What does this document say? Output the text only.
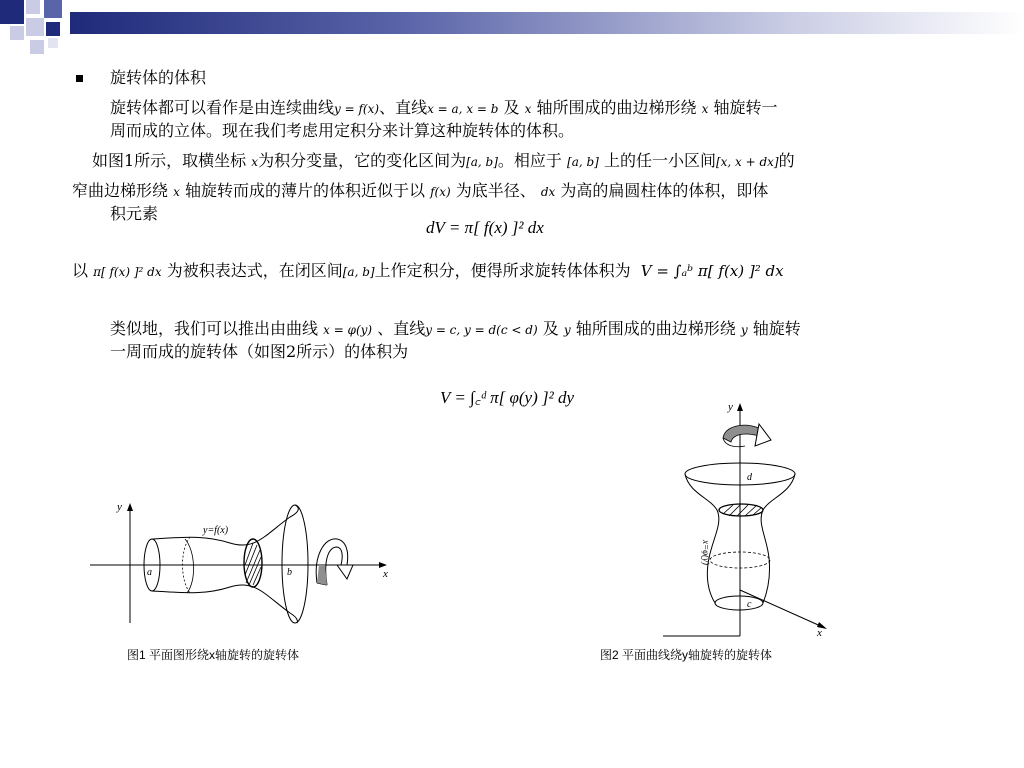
旋转体的体积
旋转体都可以看作是由连续曲线y = f(x)、直线x = a, x = b 及 x 轴所围成的曲边梯形绕 x 轴旋转一
周而成的立体。现在我们考虑用定积分来计算这种旋转体的体积。
如图1所示，取横坐标 x为积分变量，它的变化区间为[a, b]。相应于 [a, b] 上的任一小区间[x, x + dx]的
窄曲边梯形绕 x 轴旋转而成的薄片的体积近似于以 f(x) 为底半径、 dx 为高的扁圆柱体的体积，即体
积元素
dV = π[ f(x) ]² dx
以 π[ f(x) ]² dx 为被积表达式，在闭区间[a, b]上作定积分，便得所求旋转体体积为 V = ∫ₐᵇ π[ f(x) ]² dx
类似地，我们可以推出由曲线 x = φ(y) 、直线y = c, y = d(c < d) 及 y 轴所围成的曲边梯形绕 y 轴旋转
一周而成的旋转体（如图2所示）的体积为
V = ∫꜀ᵈ π[ φ(y) ]² dy
y
x
y=f(x)
a	b
图1 平面图形绕x轴旋转的旋转体
y
x
d
c
x=φ(y)
图2 平面曲线绕y轴旋转的旋转体
